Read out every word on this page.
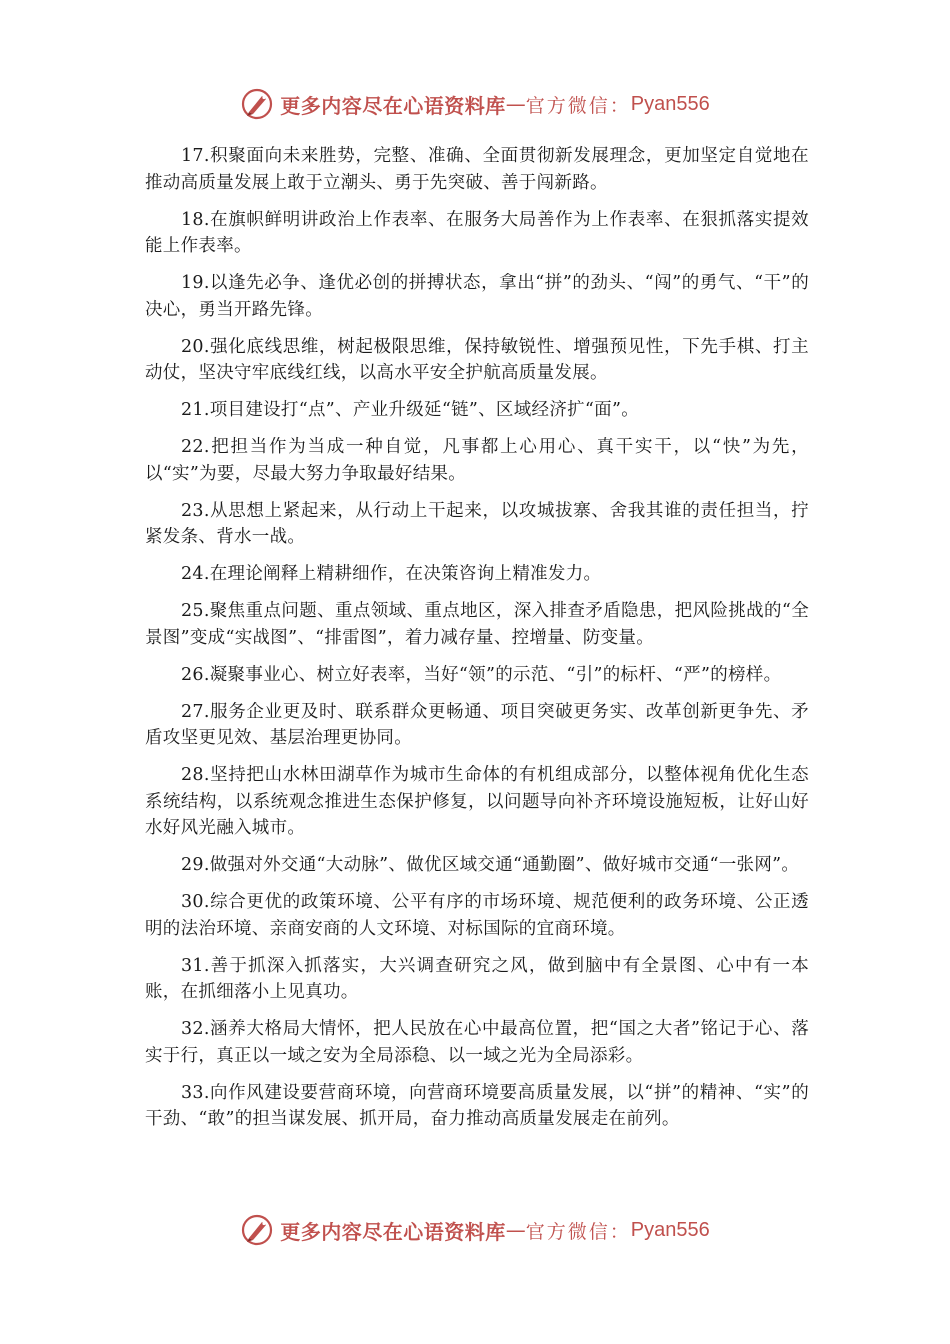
更多内容尽在心语资料库 — 官方微信： Pyan556

17.积聚面向未来胜势，完整、准确、全面贯彻新发展理念，更加坚定自觉地在推动高质量发展上敢于立潮头、勇于先突破、善于闯新路。

18.在旗帜鲜明讲政治上作表率、在服务大局善作为上作表率、在狠抓落实提效能上作表率。

19.以逢先必争、逢优必创的拼搏状态，拿出“拼”的劲头、“闯”的勇气、“干”的决心，勇当开路先锋。

20.强化底线思维，树起极限思维，保持敏锐性、增强预见性，下先手棋、打主动仗，坚决守牢底线红线，以高水平安全护航高质量发展。

21.项目建设打“点”、产业升级延“链”、区域经济扩“面”。

22.把担当作为当成一种自觉，凡事都上心用心、真干实干，以“快”为先，以“实”为要，尽最大努力争取最好结果。

23.从思想上紧起来，从行动上干起来，以攻城拔寨、舍我其谁的责任担当，拧紧发条、背水一战。

24.在理论阐释上精耕细作，在决策咨询上精准发力。

25.聚焦重点问题、重点领域、重点地区，深入排查矛盾隐患，把风险挑战的“全景图”变成“实战图”、“排雷图”，着力减存量、控增量、防变量。

26.凝聚事业心、树立好表率，当好“领”的示范、“引”的标杆、“严”的榜样。

27.服务企业更及时、联系群众更畅通、项目突破更务实、改革创新更争先、矛盾攻坚更见效、基层治理更协同。

28.坚持把山水林田湖草作为城市生命体的有机组成部分，以整体视角优化生态系统结构，以系统观念推进生态保护修复，以问题导向补齐环境设施短板，让好山好水好风光融入城市。

29.做强对外交通“大动脉”、做优区域交通“通勤圈”、做好城市交通“一张网”。

30.综合更优的政策环境、公平有序的市场环境、规范便利的政务环境、公正透明的法治环境、亲商安商的人文环境、对标国际的宜商环境。

31.善于抓深入抓落实，大兴调查研究之风，做到脑中有全景图、心中有一本账，在抓细落小上见真功。

32.涵养大格局大情怀，把人民放在心中最高位置，把“国之大者”铭记于心、落实于行，真正以一域之安为全局添稳、以一域之光为全局添彩。

33.向作风建设要营商环境，向营商环境要高质量发展，以“拼”的精神、“实”的干劲、“敢”的担当谋发展、抓开局，奋力推动高质量发展走在前列。

更多内容尽在心语资料库 — 官方微信： Pyan556
